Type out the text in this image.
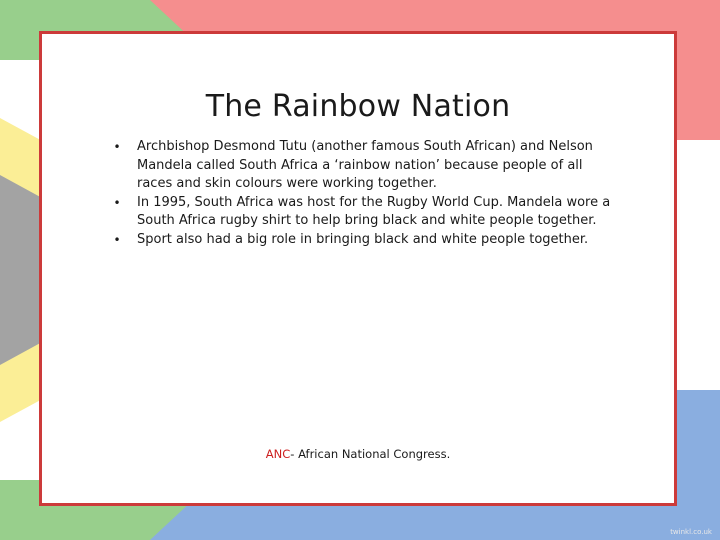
The Rainbow Nation
• Archbishop Desmond Tutu (another famous South African) and Nelson Mandela called South Africa a ‘rainbow nation’ because people of all races and skin colours were working together.
• In 1995, South Africa was host for the Rugby World Cup. Mandela wore a South Africa rugby shirt to help bring black and white people together.
• Sport also had a big role in bringing black and white people together.
ANC- African National Congress.
twinkl.co.uk
